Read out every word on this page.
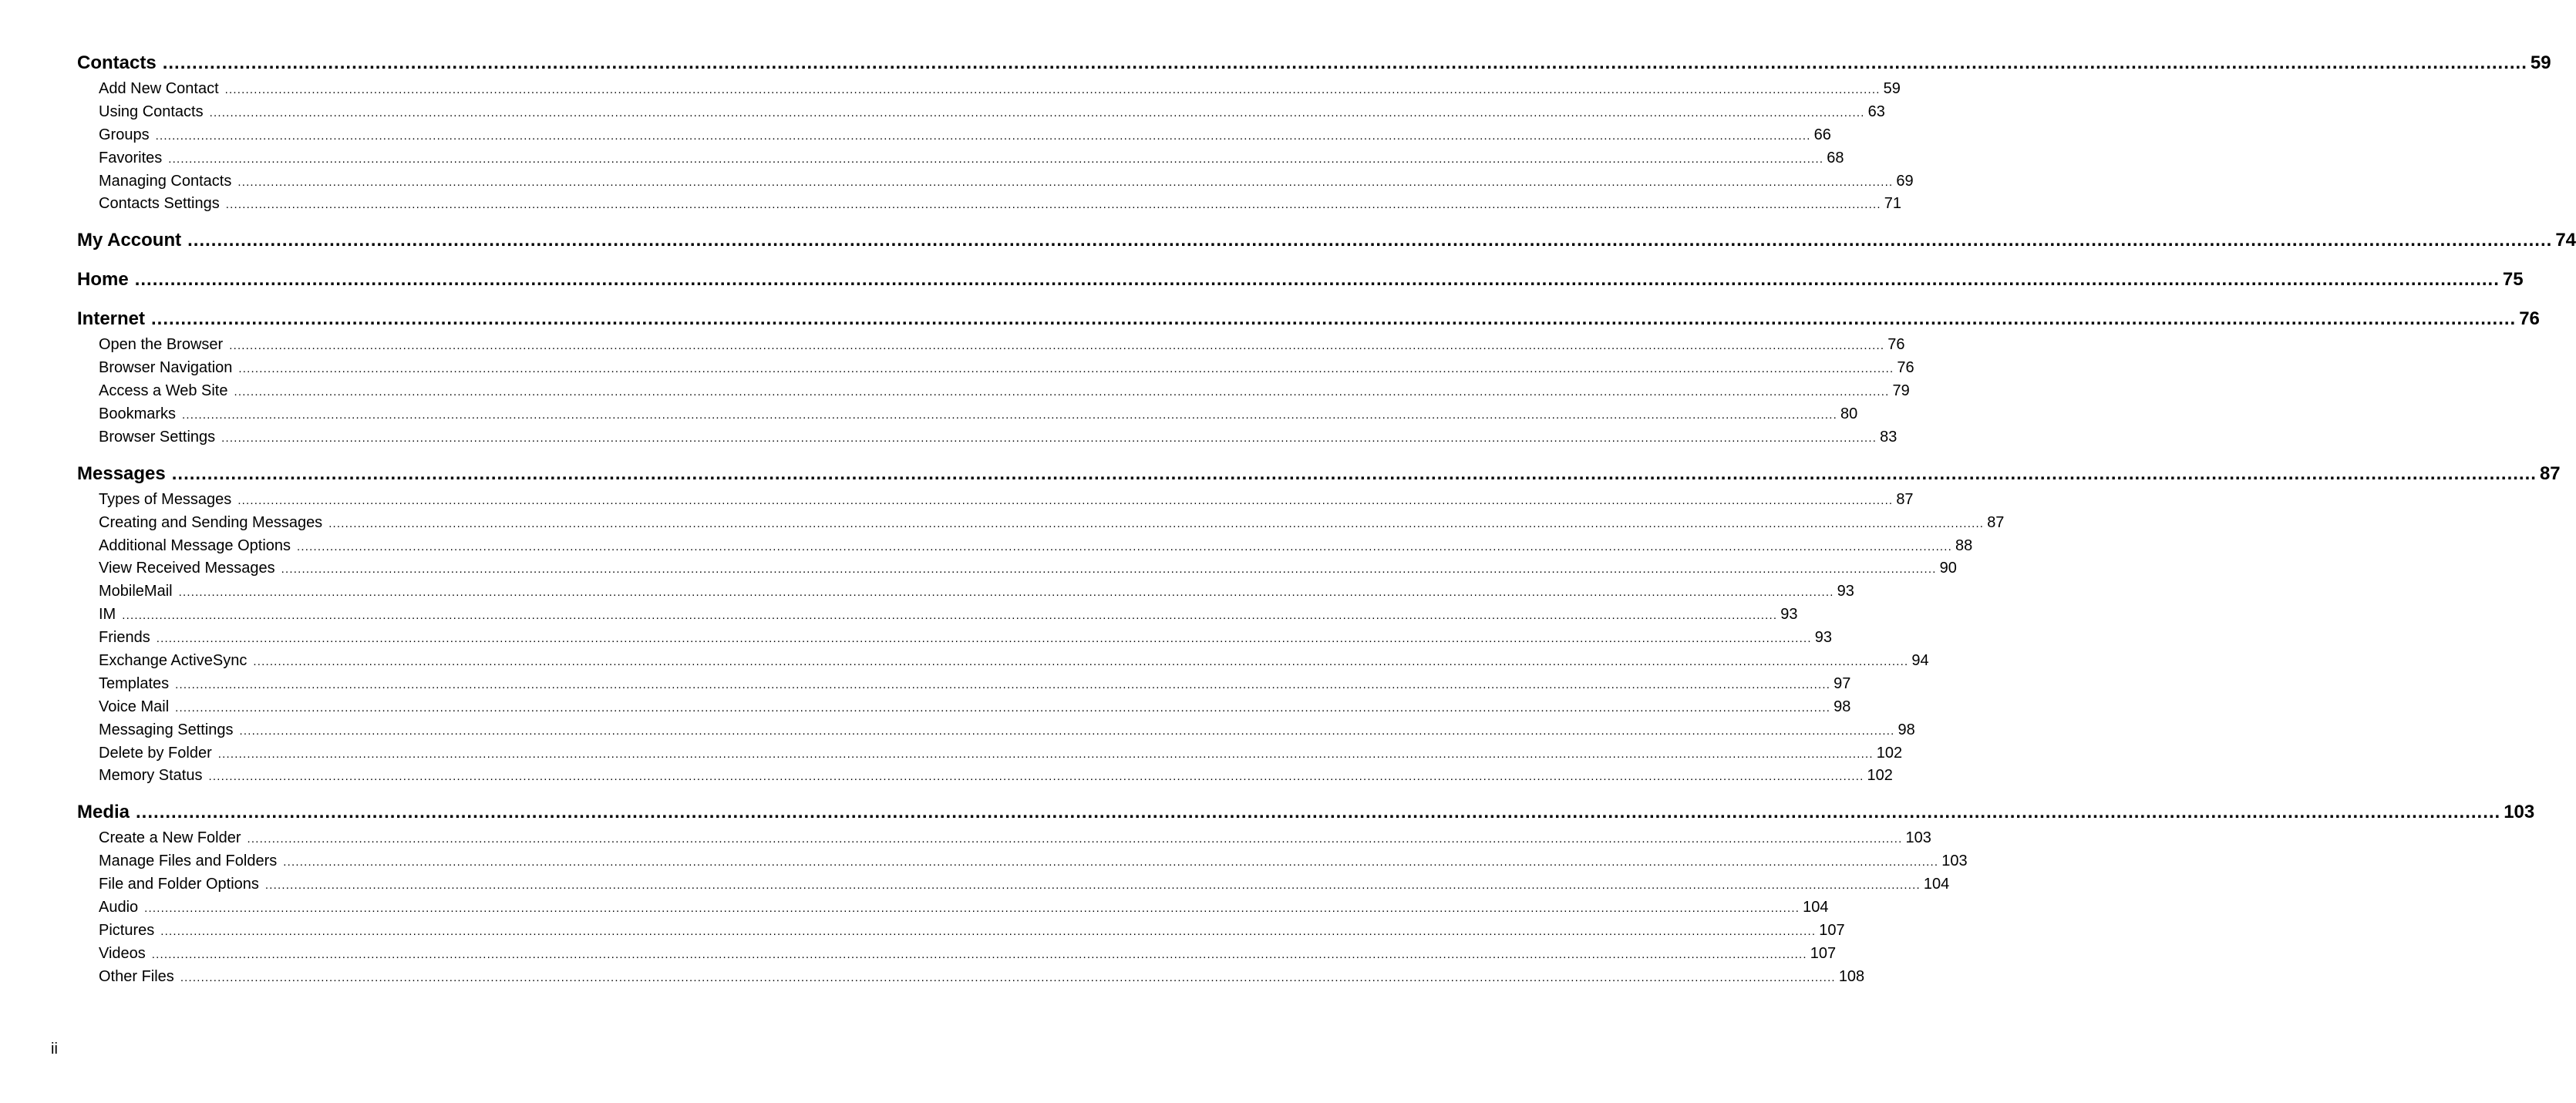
Contacts ................................................................................................................................................................................................................................................................................................................................................................................................................ 59
Add New Contact ................................................................................................................................................................................................................................................................................................................................................................................................................ 59
Using Contacts ................................................................................................................................................................................................................................................................................................................................................................................................................ 63
Groups ................................................................................................................................................................................................................................................................................................................................................................................................................ 66
Favorites ................................................................................................................................................................................................................................................................................................................................................................................................................ 68
Managing Contacts ................................................................................................................................................................................................................................................................................................................................................................................................................ 69
Contacts Settings ................................................................................................................................................................................................................................................................................................................................................................................................................ 71
My Account ................................................................................................................................................................................................................................................................................................................................................................................................................ 74
Home ................................................................................................................................................................................................................................................................................................................................................................................................................ 75
Internet ................................................................................................................................................................................................................................................................................................................................................................................................................ 76
Open the Browser ................................................................................................................................................................................................................................................................................................................................................................................................................ 76
Browser Navigation ................................................................................................................................................................................................................................................................................................................................................................................................................ 76
Access a Web Site ................................................................................................................................................................................................................................................................................................................................................................................................................ 79
Bookmarks ................................................................................................................................................................................................................................................................................................................................................................................................................ 80
Browser Settings ................................................................................................................................................................................................................................................................................................................................................................................................................ 83
Messages ................................................................................................................................................................................................................................................................................................................................................................................................................ 87
Types of Messages ................................................................................................................................................................................................................................................................................................................................................................................................................ 87
Creating and Sending Messages ................................................................................................................................................................................................................................................................................................................................................................................................................ 87
Additional Message Options ................................................................................................................................................................................................................................................................................................................................................................................................................ 88
View Received Messages ................................................................................................................................................................................................................................................................................................................................................................................................................ 90
MobileMail ................................................................................................................................................................................................................................................................................................................................................................................................................ 93
IM ................................................................................................................................................................................................................................................................................................................................................................................................................ 93
Friends ................................................................................................................................................................................................................................................................................................................................................................................................................ 93
Exchange ActiveSync ................................................................................................................................................................................................................................................................................................................................................................................................................ 94
Templates ................................................................................................................................................................................................................................................................................................................................................................................................................ 97
Voice Mail ................................................................................................................................................................................................................................................................................................................................................................................................................ 98
Messaging Settings ................................................................................................................................................................................................................................................................................................................................................................................................................ 98
Delete by Folder ................................................................................................................................................................................................................................................................................................................................................................................................................ 102
Memory Status ................................................................................................................................................................................................................................................................................................................................................................................................................ 102
Media ................................................................................................................................................................................................................................................................................................................................................................................................................ 103
Create a New Folder ................................................................................................................................................................................................................................................................................................................................................................................................................ 103
Manage Files and Folders ................................................................................................................................................................................................................................................................................................................................................................................................................ 103
File and Folder Options ................................................................................................................................................................................................................................................................................................................................................................................................................ 104
Audio ................................................................................................................................................................................................................................................................................................................................................................................................................ 104
Pictures ................................................................................................................................................................................................................................................................................................................................................................................................................ 107
Videos ................................................................................................................................................................................................................................................................................................................................................................................................................ 107
Other Files ................................................................................................................................................................................................................................................................................................................................................................................................................ 108
ii
